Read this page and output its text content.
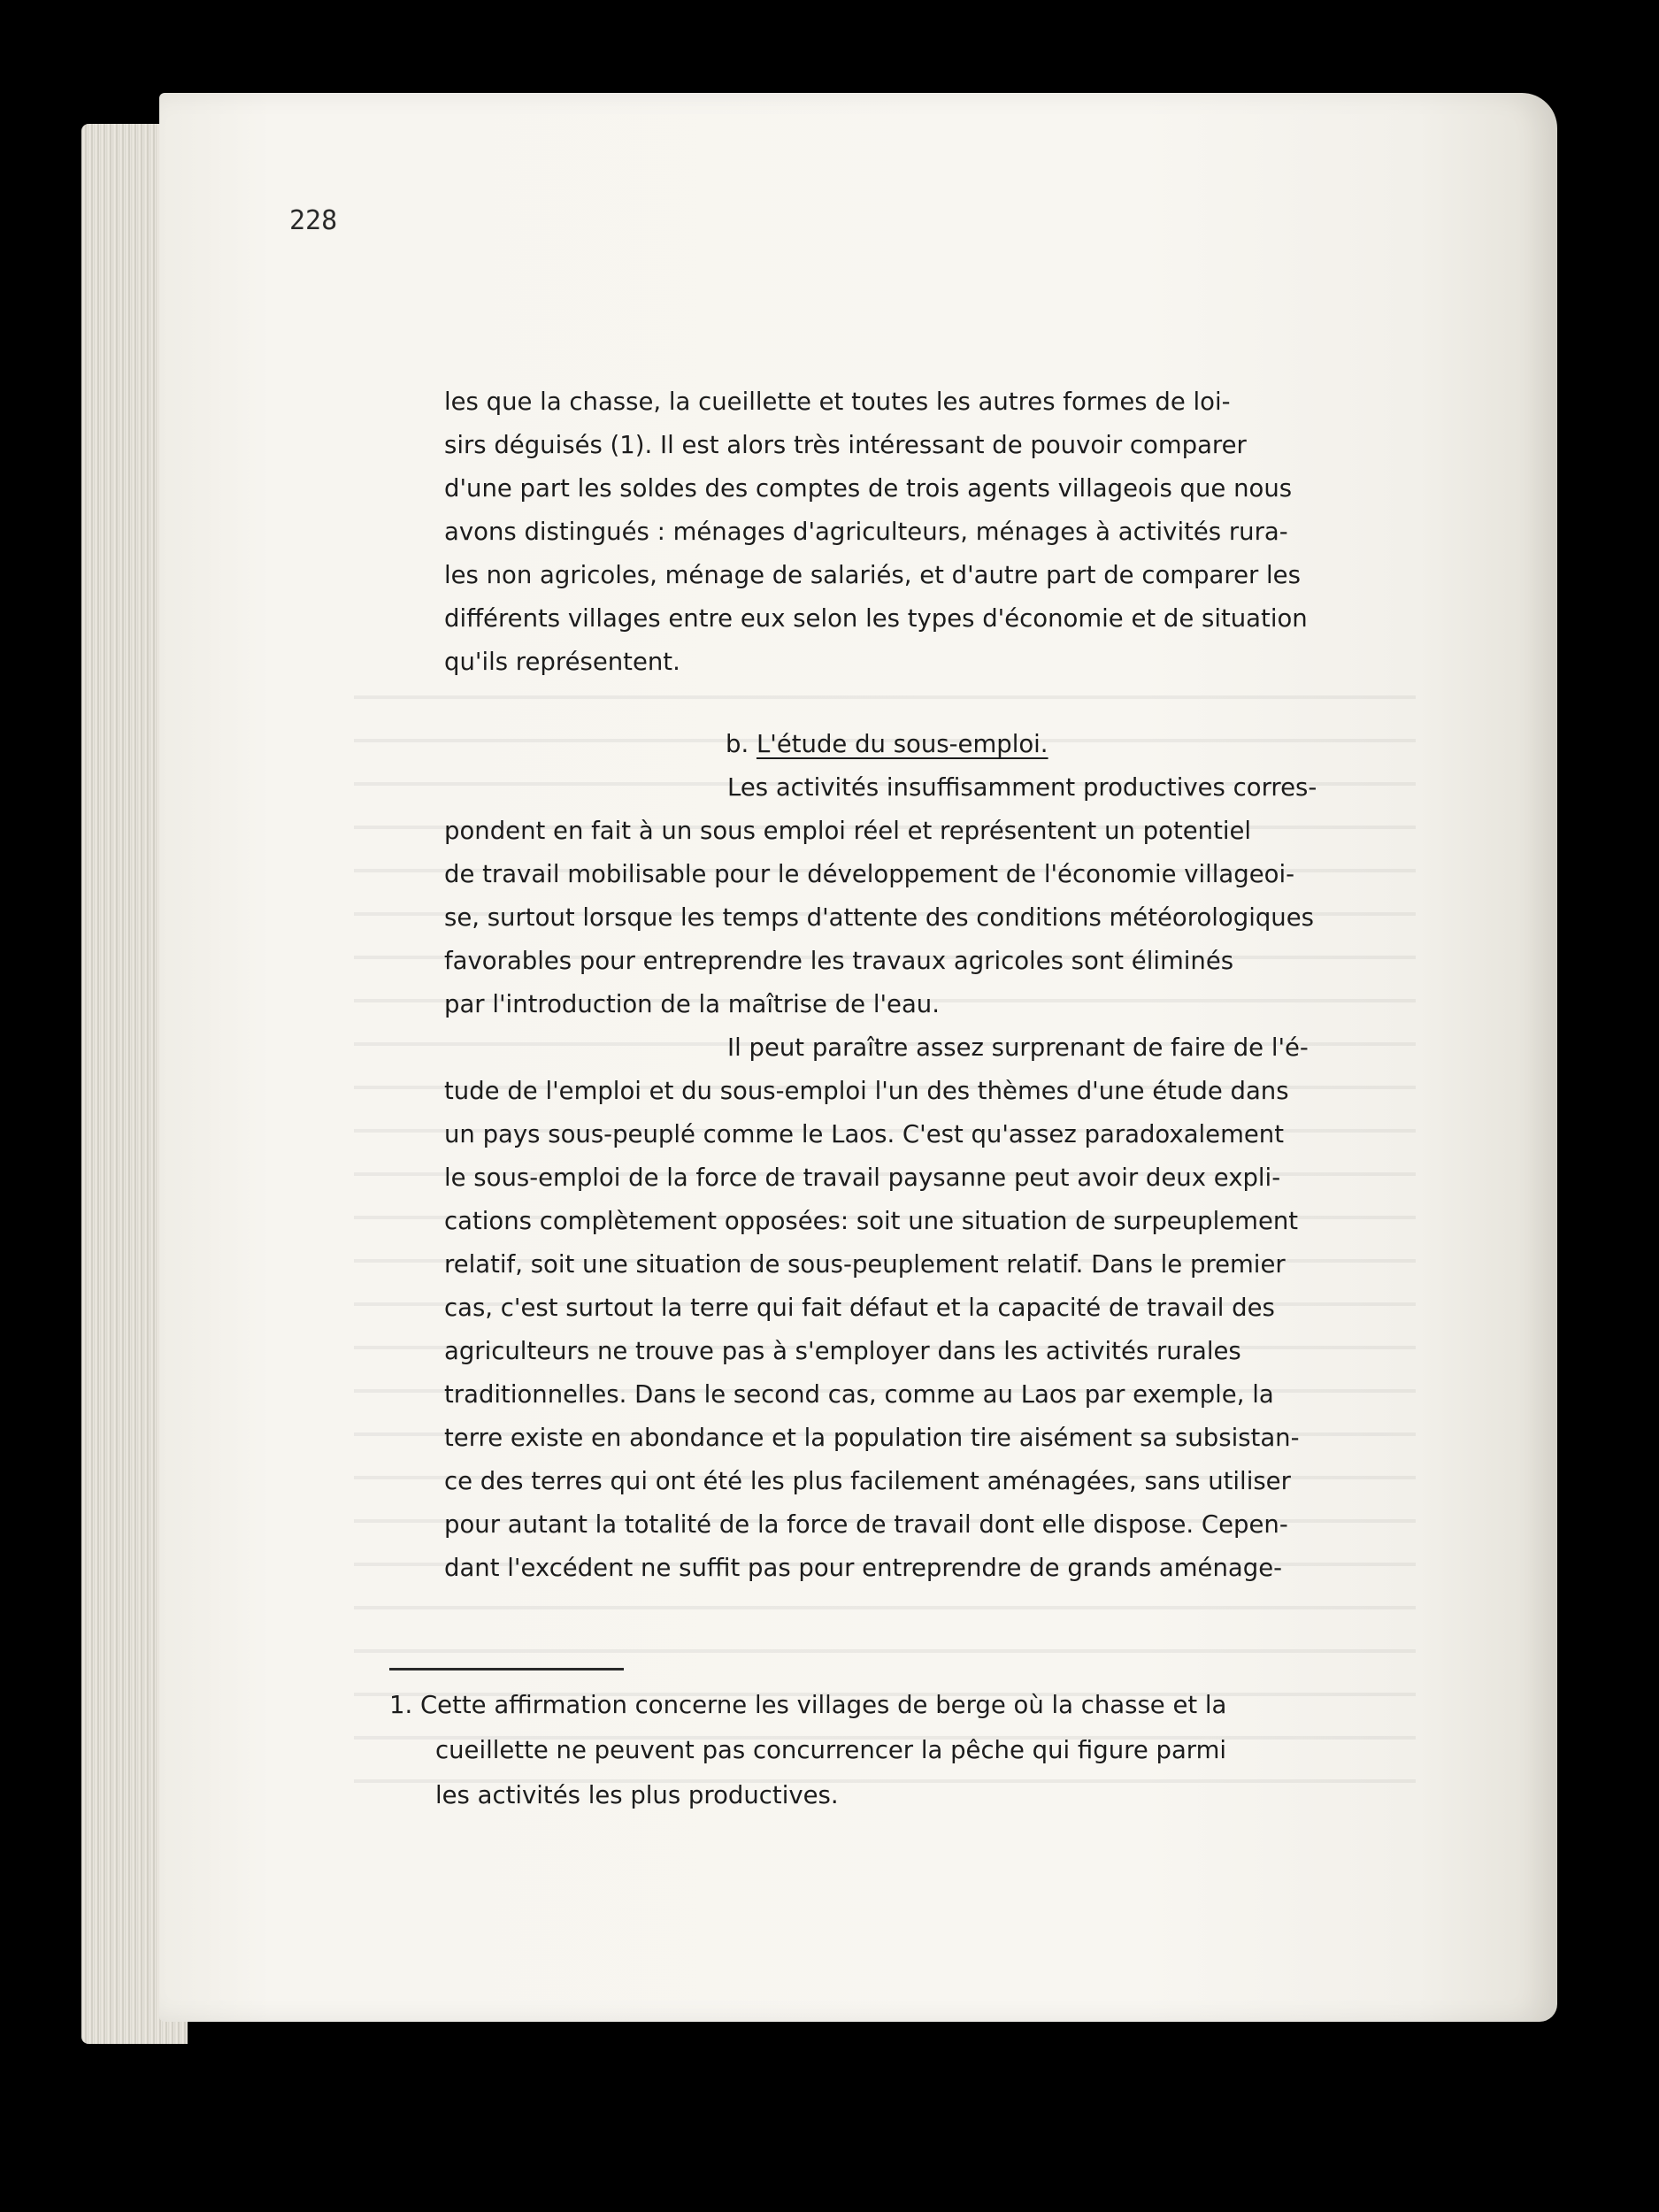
228
les que la chasse, la cueillette et toutes les autres formes de loi-
sirs déguisés (1). Il est alors très intéressant de pouvoir comparer
d'une part les soldes des comptes de trois agents villageois que nous
avons distingués : ménages d'agriculteurs, ménages à activités rura-
les non agricoles, ménage de salariés, et d'autre part de comparer les
différents villages entre eux selon les types d'économie et de situation
qu'ils représentent.
b. L'étude du sous-emploi.
Les activités insuffisamment productives corres-
pondent en fait à un sous emploi réel et représentent un potentiel
de travail mobilisable pour le développement de l'économie villageoi-
se, surtout lorsque les temps d'attente des conditions météorologiques
favorables pour entreprendre les travaux agricoles sont éliminés
par l'introduction de la maîtrise de l'eau.
Il peut paraître assez surprenant de faire de l'é-
tude de l'emploi et du sous-emploi l'un des thèmes d'une étude dans
un pays sous-peuplé comme le Laos. C'est qu'assez paradoxalement
le sous-emploi de la force de travail paysanne peut avoir deux expli-
cations complètement opposées: soit une situation de surpeuplement
relatif, soit une situation de sous-peuplement relatif. Dans le premier
cas, c'est surtout la terre qui fait défaut et la capacité de travail des
agriculteurs ne trouve pas à s'employer dans les activités rurales
traditionnelles. Dans le second cas, comme au Laos par exemple, la
terre existe en abondance et la population tire aisément sa subsistan-
ce des terres qui ont été les plus facilement aménagées, sans utiliser
pour autant la totalité de la force de travail dont elle dispose. Cepen-
dant l'excédent ne suffit pas pour entreprendre de grands aménage-
1. Cette affirmation concerne les villages de berge où la chasse et la
cueillette ne peuvent pas concurrencer la pêche qui figure parmi
les activités les plus productives.
